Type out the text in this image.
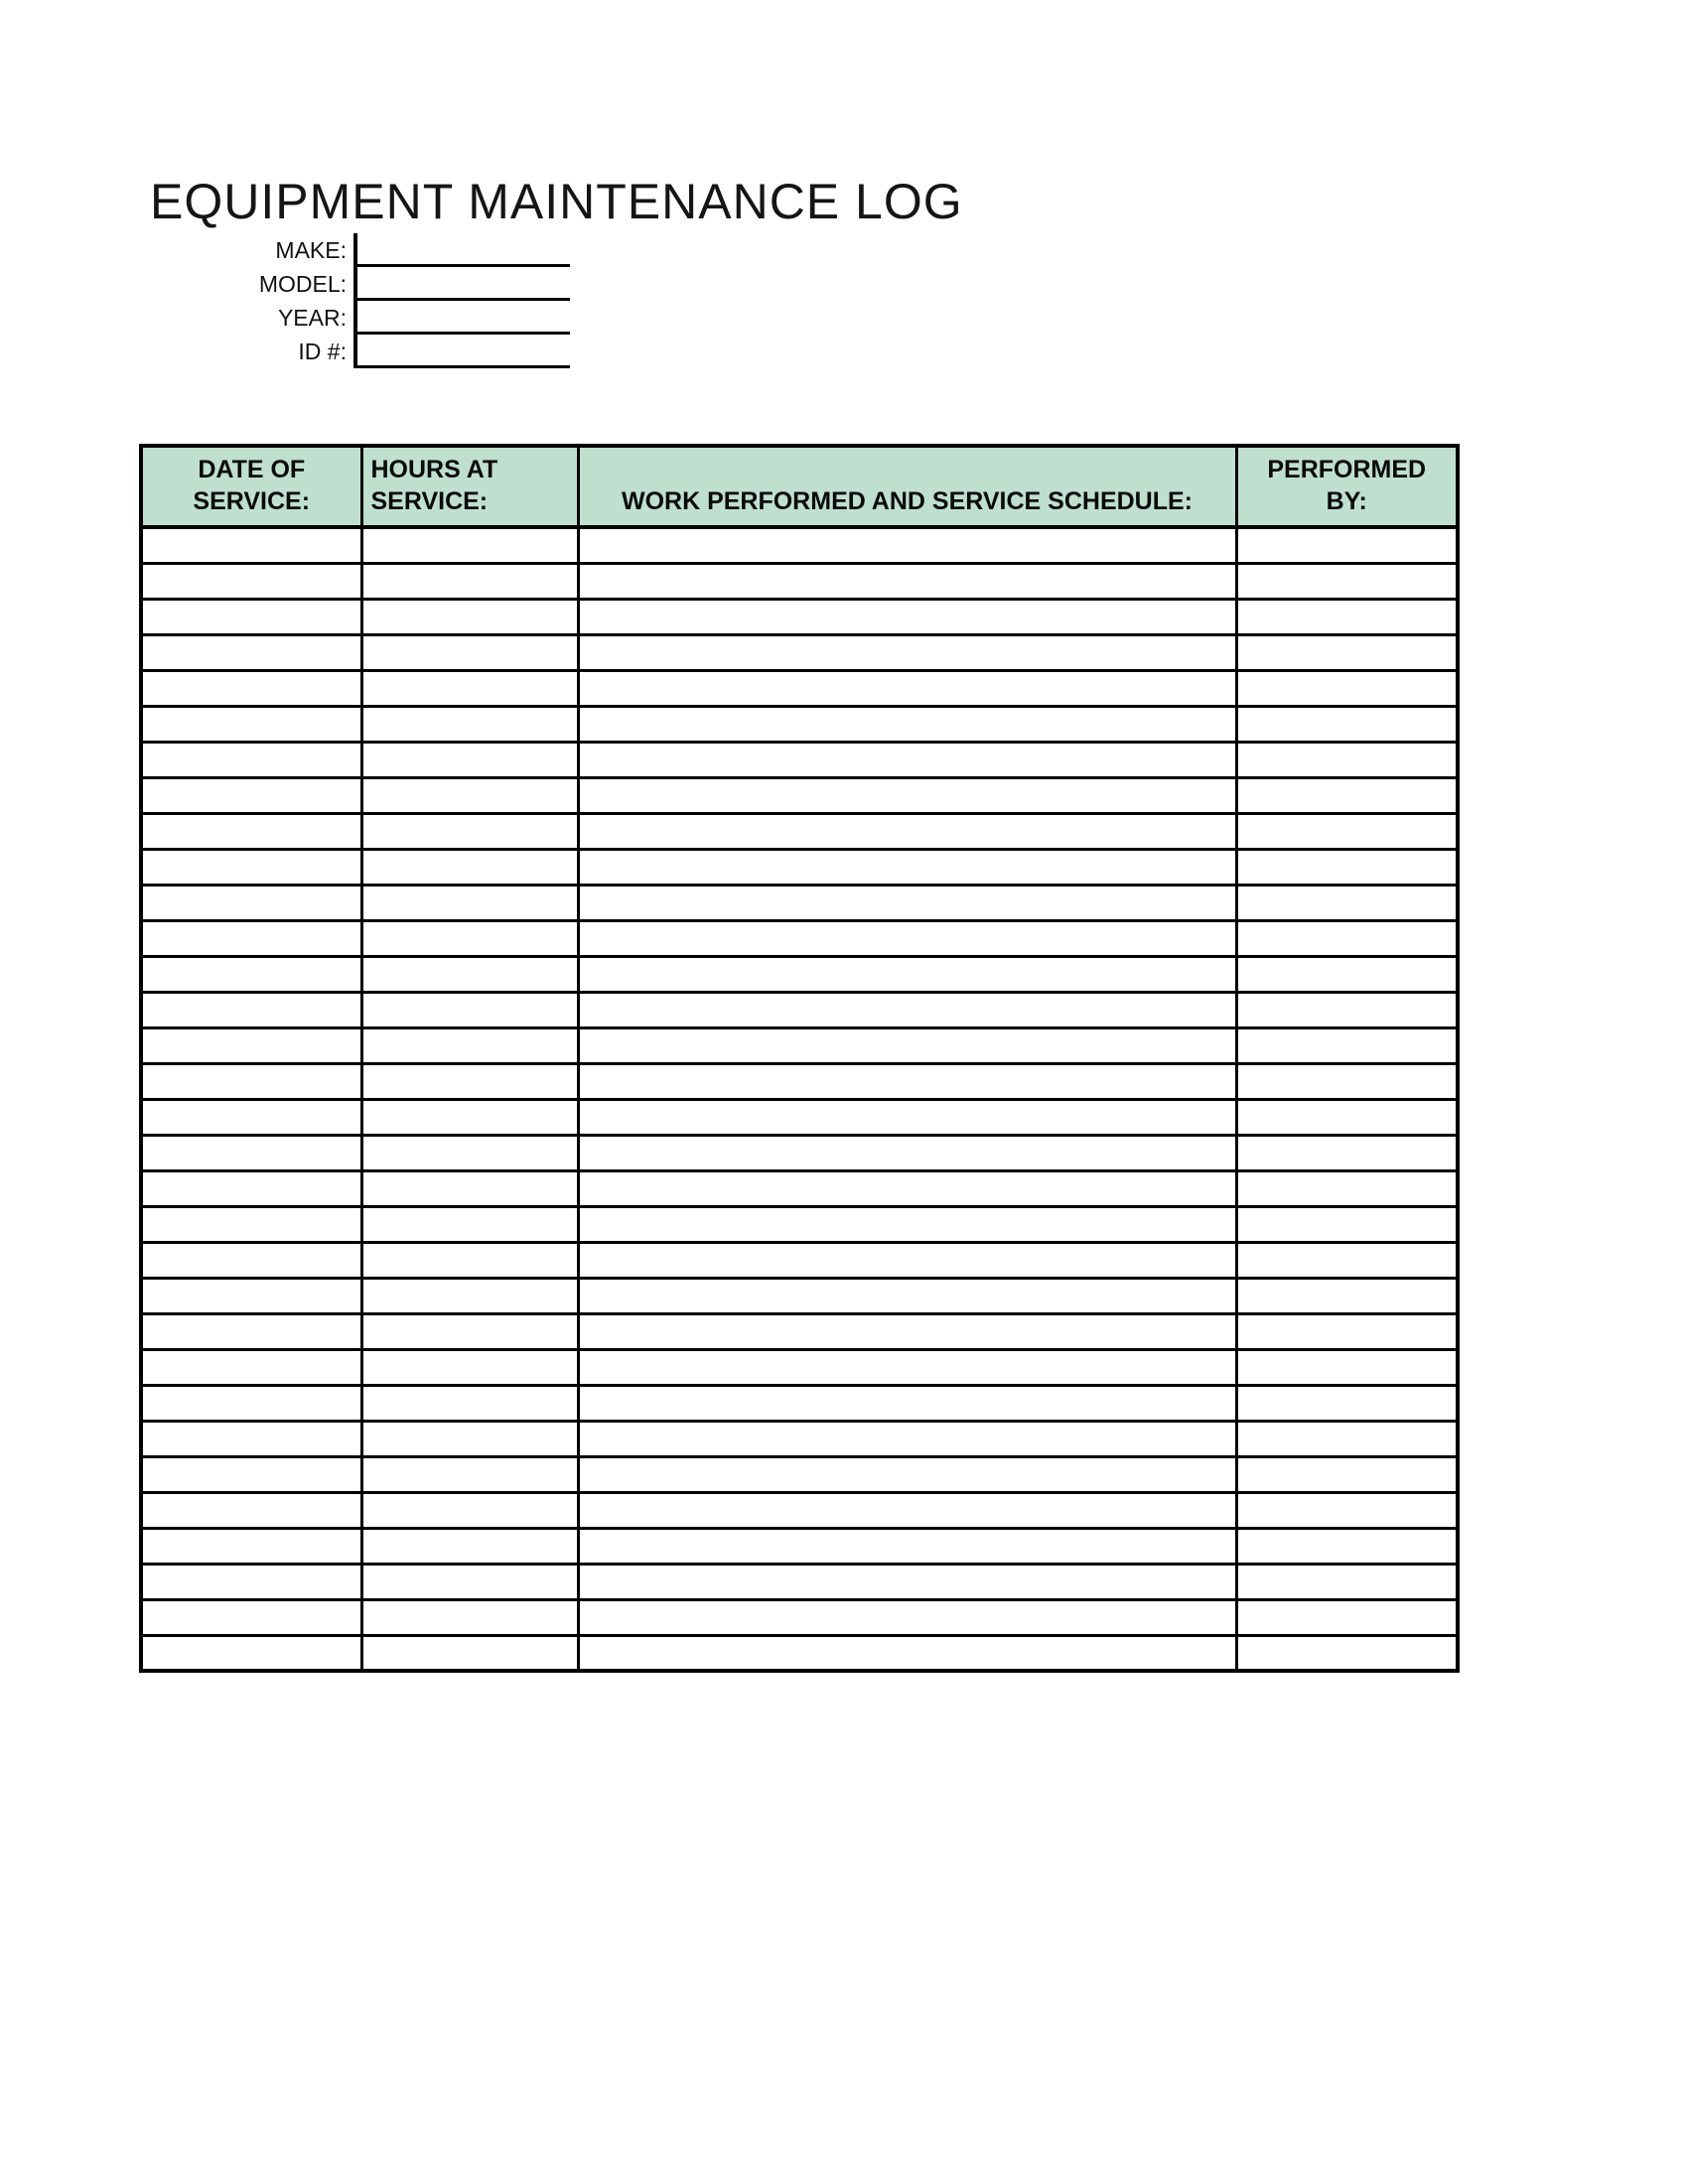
EQUIPMENT MAINTENANCE LOG
MAKE:
MODEL:
YEAR:
ID #:
DATE OF SERVICE:	HOURS AT SERVICE:	WORK PERFORMED AND SERVICE SCHEDULE:	PERFORMED BY:
